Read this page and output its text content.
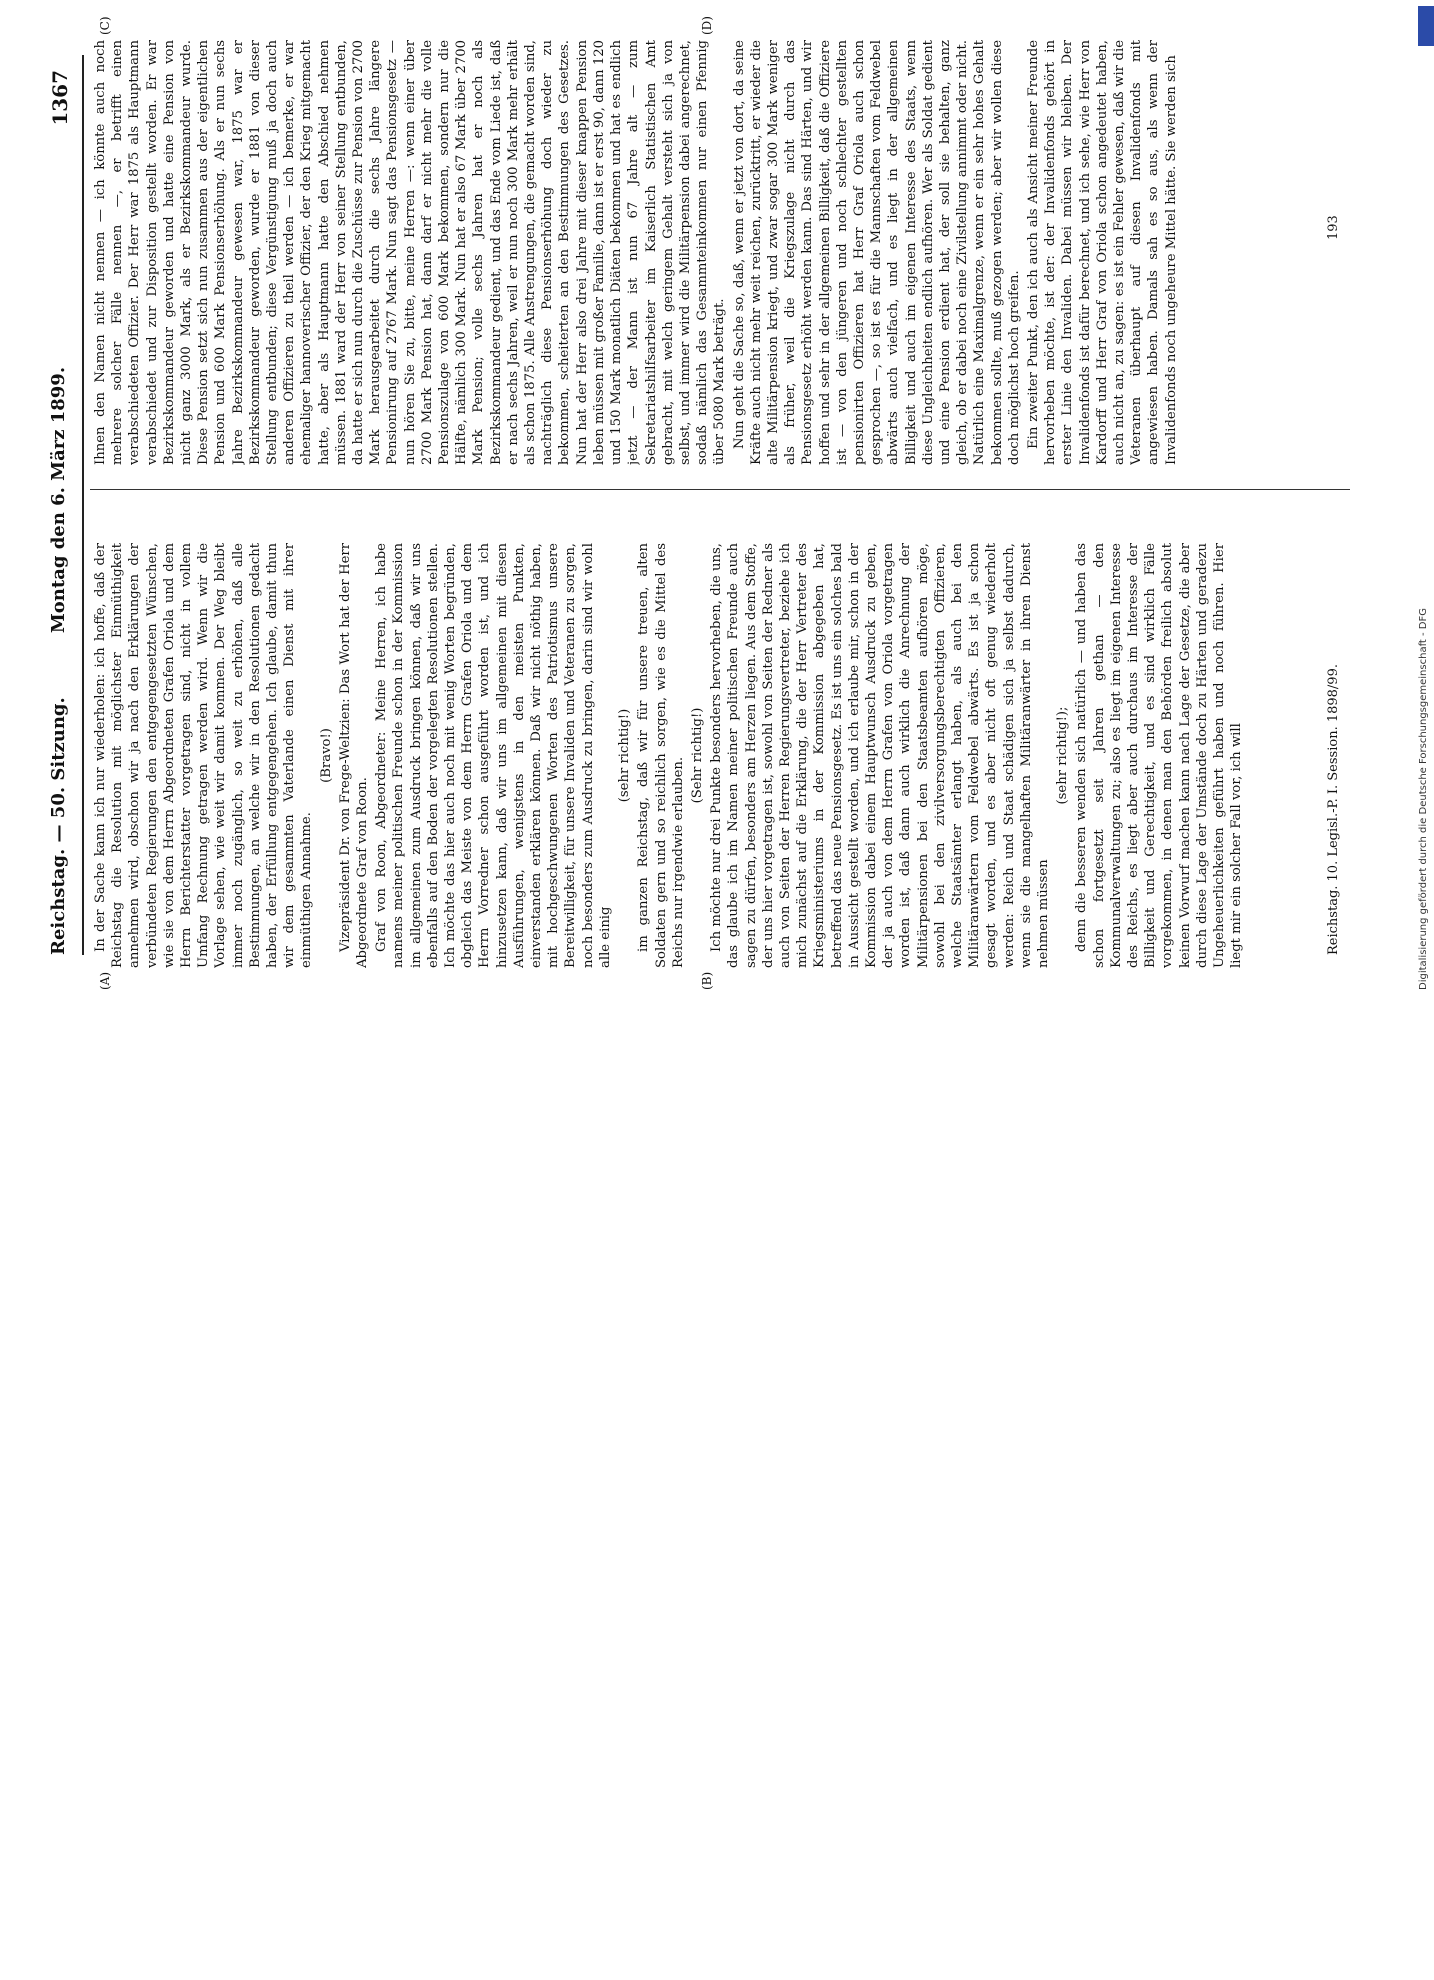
Reichstag. — 50. Sitzung.
Montag den 6. März 1899.
1367
(A)	(B)
(C)	(D)

In der Sache kann ich nur wiederholen: ich hoffe, daß der Reichstag die Resolution mit möglichster Einmüthigkeit annehmen wird, obschon wir ja nach den Erklärungen der verbündeten Regierungen den entgegengesetzten Wünschen, wie sie von dem Herrn Abgeordneten Grafen Oriola und dem Herrn Berichterstatter vorgetragen sind, nicht in vollem Umfang Rechnung getragen werden wird. Wenn wir die Vorlage sehen, wie weit wir damit kommen. Der Weg bleibt immer noch zugänglich, so weit zu erhöhen, daß alle Bestimmungen, an welche wir in den Resolutionen gedacht haben, der Erfüllung entgegengehen. Ich glaube, damit thun wir dem gesammten Vaterlande einen Dienst mit ihrer einmüthigen Annahme.

(Bravo!) Vizepräsident Dr. von Frege-Weltzien: Das Wort hat der Herr Abgeordnete Graf von Roon. Graf von Roon, Abgeordneter: Meine Herren, ich habe namens meiner politischen Freunde schon in der Kommission im allgemeinen zum Ausdruck bringen können, daß wir uns ebenfalls auf den Boden der vorgelegten Resolutionen stellen. Ich möchte das hier auch noch mit wenig Worten begründen, obgleich das Meiste von dem Herrn Grafen Oriola und dem Herrn Vorredner schon ausgeführt worden ist, und ich hinzusetzen kann, daß wir uns im allgemeinen mit diesen Ausführungen, wenigstens in den meisten Punkten, einverstanden erklären können. Daß wir nicht nöthig haben, mit hochgeschwungenen Worten des Patriotismus unsere Bereitwilligkeit, für unsere Invaliden und Veteranen zu sorgen, noch besonders zum Ausdruck zu bringen, darin sind wir wohl alle einig

(sehr richtig!) im ganzen Reichstag, daß wir für unsere treuen, alten Soldaten gern und so reichlich sorgen, wie es die Mittel des Reichs nur irgendwie erlauben.

(Sehr richtig!) Ich möchte nur drei Punkte besonders hervorheben, die uns, das glaube ich im Namen meiner politischen Freunde auch sagen zu dürfen, besonders am Herzen liegen. Aus dem Stoffe, der uns hier vorgetragen ist, sowohl von Seiten der Redner als auch von Seiten der Herren Regierungsvertreter, beziehe ich mich zunächst auf die Erklärung, die der Herr Vertreter des Kriegsministeriums in der Kommission abgegeben hat, betreffend das neue Pensionsgesetz. Es ist uns ein solches bald in Aussicht gestellt worden, und ich erlaube mir, schon in der Kommission dabei einem Hauptwunsch Ausdruck zu geben, der ja auch von dem Herrn Grafen von Oriola vorgetragen worden ist, daß dann auch wirklich die Anrechnung der Militärpensionen bei den Staatsbeamten aufhören möge, sowohl bei den zivilversorgungsberechtigten Offizieren, welche Staatsämter erlangt haben, als auch bei den Militäranwärtern vom Feldwebel abwärts. Es ist ja schon gesagt worden, und es aber nicht oft genug wiederholt werden: Reich und Staat schädigen sich ja selbst dadurch, wenn sie die mangelhaften Militäranwärter in ihren Dienst nehmen müssen

(sehr richtig!); denn die besseren wenden sich natürlich — und haben das schon fortgesetzt seit Jahren gethan — den Kommunalverwaltungen zu; also es liegt im eigenen Interesse des Reichs, es liegt aber auch durchaus im Interesse der Billigkeit und Gerechtigkeit, und es sind wirklich Fälle vorgekommen, in denen man den Behörden freilich absolut keinen Vorwurf machen kann nach Lage der Gesetze, die aber durch diese Lage der Umstände doch zu Härten und geradezu Ungeheuerlichkeiten geführt haben und noch führen. Hier liegt mir ein solcher Fall vor, ich will

Ihnen den Namen nicht nennen — ich könnte auch noch mehrere solcher Fälle nennen —, er betrifft einen verabschiedeten Offizier. Der Herr war 1875 als Hauptmann verabschiedet und zur Disposition gestellt worden. Er war Bezirkskommandeur geworden und hatte eine Pension von nicht ganz 3000 Mark, als er Bezirkskommandeur wurde. Diese Pension setzt sich nun zusammen aus der eigentlichen Pension und 600 Mark Pensionserhöhung. Als er nun sechs Jahre Bezirkskommandeur gewesen war, 1875 war er Bezirkskommandeur geworden, wurde er 1881 von dieser Stellung entbunden; diese Vergünstigung muß ja doch auch anderen Offizieren zu theil werden — ich bemerke, er war ehemaliger hannoverischer Offizier, der den Krieg mitgemacht hatte, aber als Hauptmann hatte den Abschied nehmen müssen. 1881 ward der Herr von seiner Stellung entbunden, da hatte er sich nun durch die Zuschüsse zur Pension von 2700 Mark herausgearbeitet durch die sechs Jahre längere Pensionirung auf 2767 Mark. Nun sagt das Pensionsgesetz — nun hören Sie zu, bitte, meine Herren —: wenn einer über 2700 Mark Pension hat, dann darf er nicht mehr die volle Pensionszulage von 600 Mark bekommen, sondern nur die Hälfte, nämlich 300 Mark. Nun hat er also 67 Mark über 2700 Mark Pension; volle sechs Jahren hat er noch als Bezirkskommandeur gedient, und das Ende vom Liede ist, daß er nach sechs Jahren, weil er nun noch 300 Mark mehr erhält als schon 1875. Alle Anstrengungen, die gemacht worden sind, nachträglich diese Pensionserhöhung doch wieder zu bekommen, scheiterten an den Bestimmungen des Gesetzes. Nun hat der Herr also drei Jahre mit dieser knappen Pension leben müssen mit großer Familie, dann ist er erst 90, dann 120 und 150 Mark monatlich Diäten bekommen und hat es endlich jetzt — der Mann ist nun 67 Jahre alt — zum Sekretariatshilfsarbeiter im Kaiserlich Statistischen Amt gebracht, mit welch geringem Gehalt versteht sich ja von selbst, und immer wird die Militärpension dabei angerechnet, sodaß nämlich das Gesammteinkommen nur einen Pfennig über 5080 Mark beträgt. Nun geht die Sache so, daß, wenn er jetzt von dort, da seine Kräfte auch nicht mehr weit reichen, zurücktritt, er wieder die alte Militärpension kriegt, und zwar sogar 300 Mark weniger als früher, weil die Kriegszulage nicht durch das Pensionsgesetz erhöht werden kann. Das sind Härten, und wir hoffen und sehr in der allgemeinen Billigkeit, daß die Offiziere ist — von den jüngeren und noch schlechter gestellten pensionirten Offizieren hat Herr Graf Oriola auch schon gesprochen —, so ist es für die Mannschaften vom Feldwebel abwärts auch vielfach, und es liegt in der allgemeinen Billigkeit und auch im eigenen Interesse des Staats, wenn diese Ungleichheiten endlich aufhören. Wer als Soldat gedient und eine Pension erdient hat, der soll sie behalten, ganz gleich, ob er dabei noch eine Zivilstellung annimmt oder nicht. Natürlich eine Maximalgrenze, wenn er ein sehr hohes Gehalt bekommen sollte, muß gezogen werden; aber wir wollen diese doch möglichst hoch greifen. Ein zweiter Punkt, den ich auch als Ansicht meiner Freunde hervorheben möchte, ist der: der Invalidenfonds gehört in erster Linie den Invaliden. Dabei müssen wir bleiben. Der Invalidenfonds ist dafür berechnet, und ich sehe, wie Herr von Kardorff und Herr Graf von Oriola schon angedeutet haben, auch nicht an, zu sagen: es ist ein Fehler gewesen, daß wir die Veteranen überhaupt auf diesen Invalidenfonds mit angewiesen haben. Damals sah es so aus, als wenn der Invalidenfonds noch ungeheure Mittel hätte. Sie werden sich

Reichstag. 10. Legisl.-P. I. Session. 1898/99.
193
Digitalisierung gefördert durch die Deutsche Forschungsgemeinschaft - DFG
